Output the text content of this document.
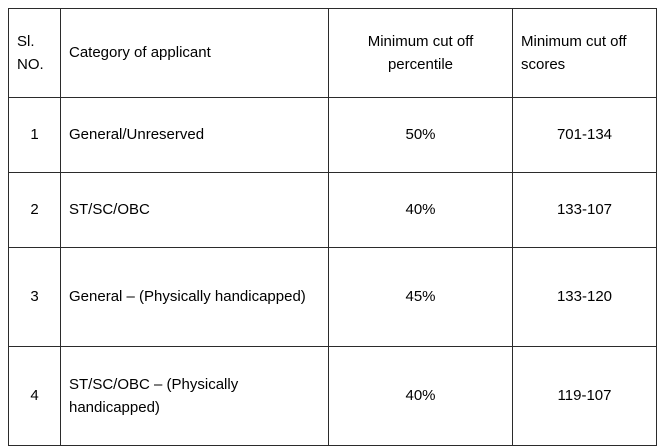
Sl. NO.	Category of applicant	Minimum cut off percentile	Minimum cut off scores
1	General/Unreserved	50%	701-134
2	ST/SC/OBC	40%	133-107
3	General – (Physically handicapped)	45%	133-120
4	ST/SC/OBC – (Physically handicapped)	40%	119-107
